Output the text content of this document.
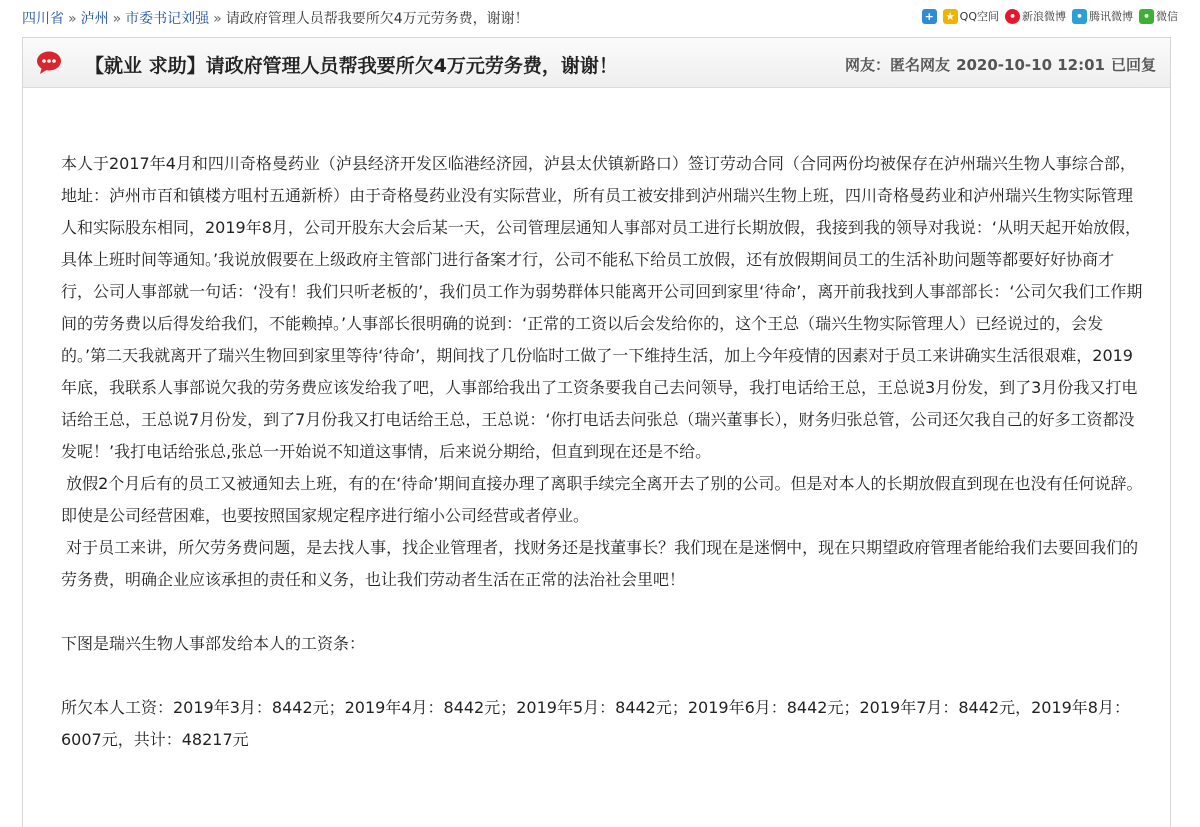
四川省 » 泸州 » 市委书记刘强 » 请政府管理人员帮我要所欠4万元劳务费，谢谢！	+ ★ QQ空间 • 新浪微博 • 腾讯微博 • 微信
【就业 求助】请政府管理人员帮我要所欠4万元劳务费，谢谢！	网友：匿名网友 2020-10-10 12:01 已回复

本人于2017年4月和四川奇格曼药业（泸县经济开发区临港经济园，泸县太伏镇新路口）签订劳动合同（合同两份均被保存在泸州瑞兴生物人事综合部，地址：泸州市百和镇楼方咀村五通新桥）由于奇格曼药业没有实际营业，所有员工被安排到泸州瑞兴生物上班，四川奇格曼药业和泸州瑞兴生物实际管理人和实际股东相同，2019年8月，公司开股东大会后某一天，公司管理层通知人事部对员工进行长期放假，我接到我的领导对我说：‘从明天起开始放假，具体上班时间等通知。’我说放假要在上级政府主管部门进行备案才行，公司不能私下给员工放假，还有放假期间员工的生活补助问题等都要好好协商才行，公司人事部就一句话：‘没有！我们只听老板的’，我们员工作为弱势群体只能离开公司回到家里‘待命’，离开前我找到人事部部长：‘公司欠我们工作期间的劳务费以后得发给我们，不能赖掉。’人事部长很明确的说到：‘正常的工资以后会发给你的，这个王总（瑞兴生物实际管理人）已经说过的，会发的。’第二天我就离开了瑞兴生物回到家里等待‘待命’，期间找了几份临时工做了一下维持生活，加上今年疫情的因素对于员工来讲确实生活很艰难，2019年底，我联系人事部说欠我的劳务费应该发给我了吧，人事部给我出了工资条要我自己去问领导，我打电话给王总，王总说3月份发，到了3月份我又打电话给王总，王总说7月份发，到了7月份我又打电话给王总，王总说：‘你打电话去问张总（瑞兴董事长），财务归张总管，公司还欠我自己的好多工资都没发呢！’我打电话给张总,张总一开始说不知道这事情，后来说分期给，但直到现在还是不给。

放假2个月后有的员工又被通知去上班，有的在‘待命’期间直接办理了离职手续完全离开去了别的公司。但是对本人的长期放假直到现在也没有任何说辞。即使是公司经营困难，也要按照国家规定程序进行缩小公司经营或者停业。

对于员工来讲，所欠劳务费问题，是去找人事，找企业管理者，找财务还是找董事长？我们现在是迷惘中，现在只期望政府管理者能给我们去要回我们的劳务费，明确企业应该承担的责任和义务，也让我们劳动者生活在正常的法治社会里吧！

下图是瑞兴生物人事部发给本人的工资条：

所欠本人工资：2019年3月：8442元；2019年4月：8442元；2019年5月：8442元；2019年6月：8442元；2019年7月：8442元，2019年8月：6007元，共计：48217元
